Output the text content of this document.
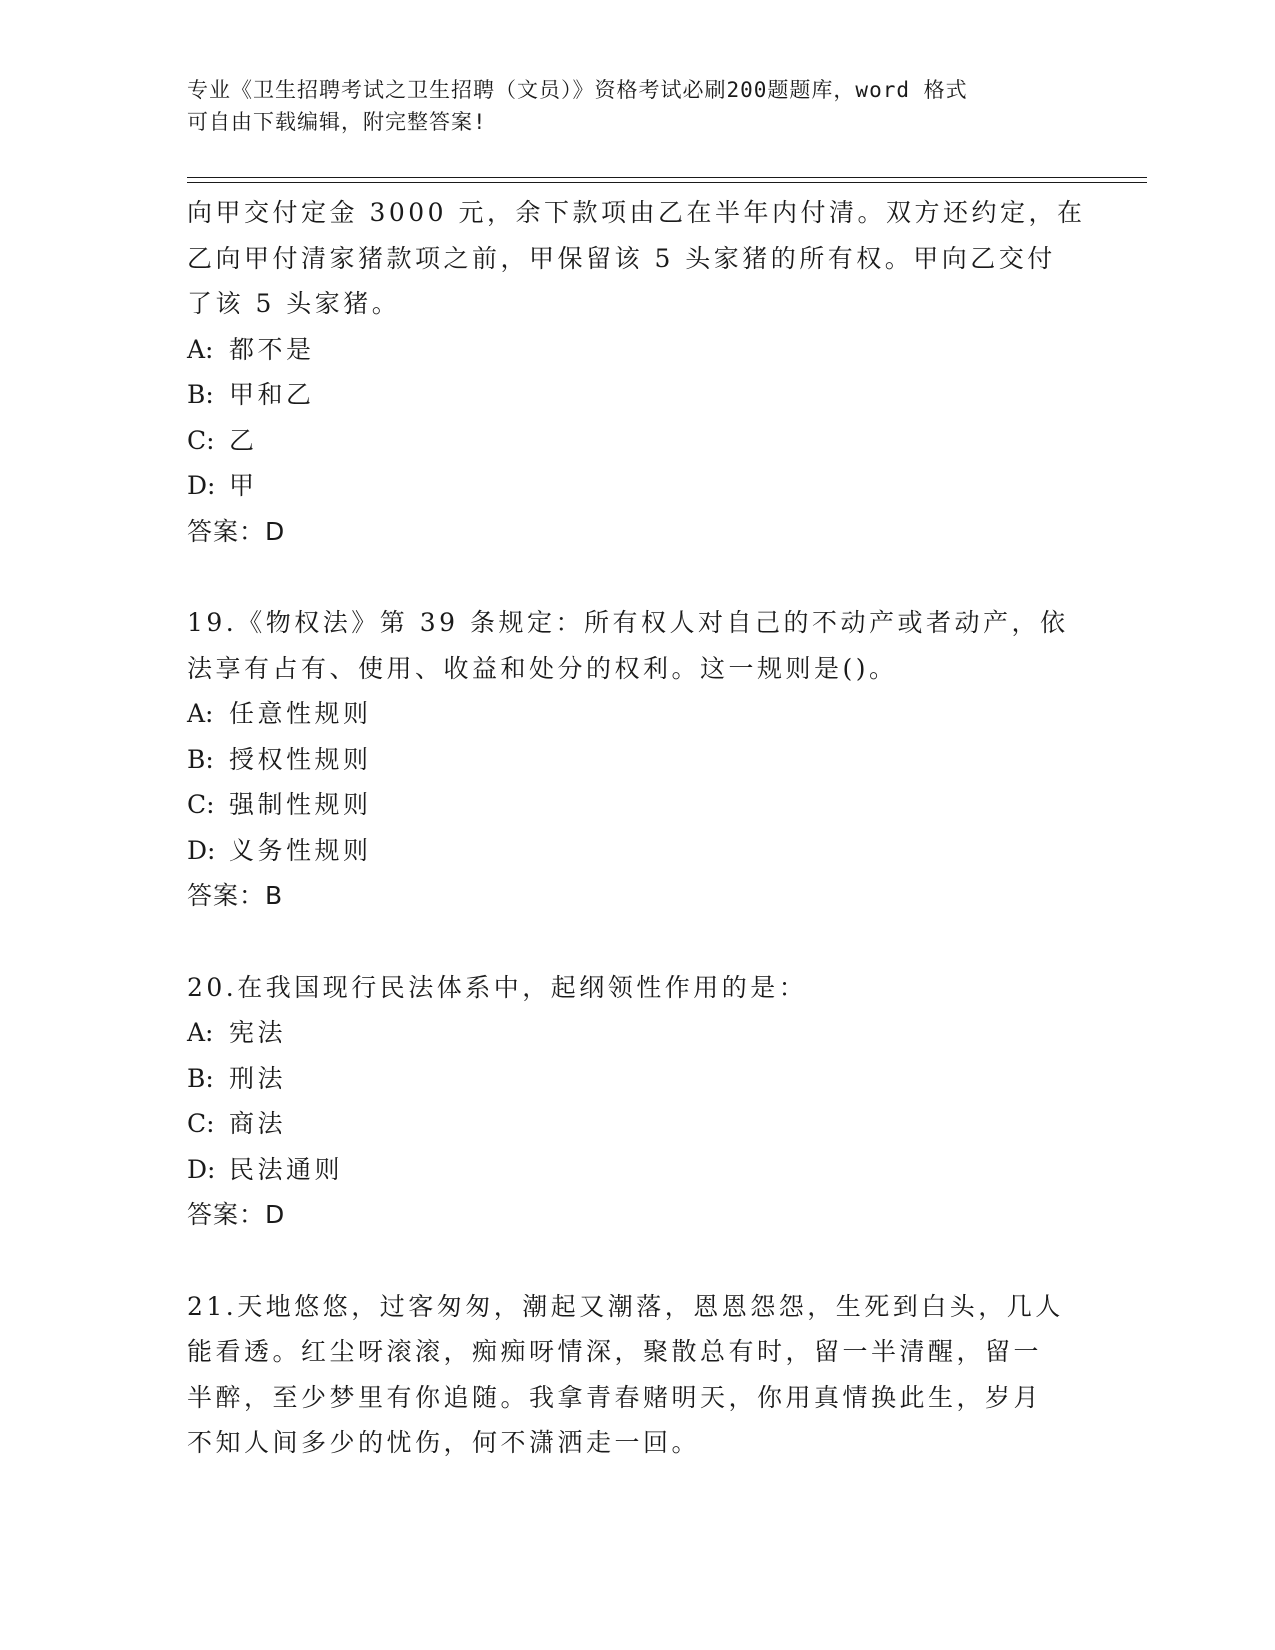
专业《卫生招聘考试之卫生招聘（文员）》资格考试必刷200题题库，word 格式
可自由下载编辑，附完整答案!
向甲交付定金 3000 元，余下款项由乙在半年内付清。双方还约定，在
乙向甲付清家猪款项之前，甲保留该 5 头家猪的所有权。甲向乙交付
了该 5 头家猪。
A: 都不是
B: 甲和乙
C: 乙
D: 甲
答案：D
19.《物权法》第 39 条规定：所有权人对自己的不动产或者动产，依
法享有占有、使用、收益和处分的权利。这一规则是()。
A: 任意性规则
B: 授权性规则
C: 强制性规则
D: 义务性规则
答案：B
20.在我国现行民法体系中，起纲领性作用的是：
A: 宪法
B: 刑法
C: 商法
D: 民法通则
答案：D
21.天地悠悠，过客匆匆，潮起又潮落，恩恩怨怨，生死到白头，几人
能看透。红尘呀滚滚，痴痴呀情深，聚散总有时，留一半清醒，留一
半醉，至少梦里有你追随。我拿青春赌明天，你用真情换此生，岁月
不知人间多少的忧伤，何不潇洒走一回。
